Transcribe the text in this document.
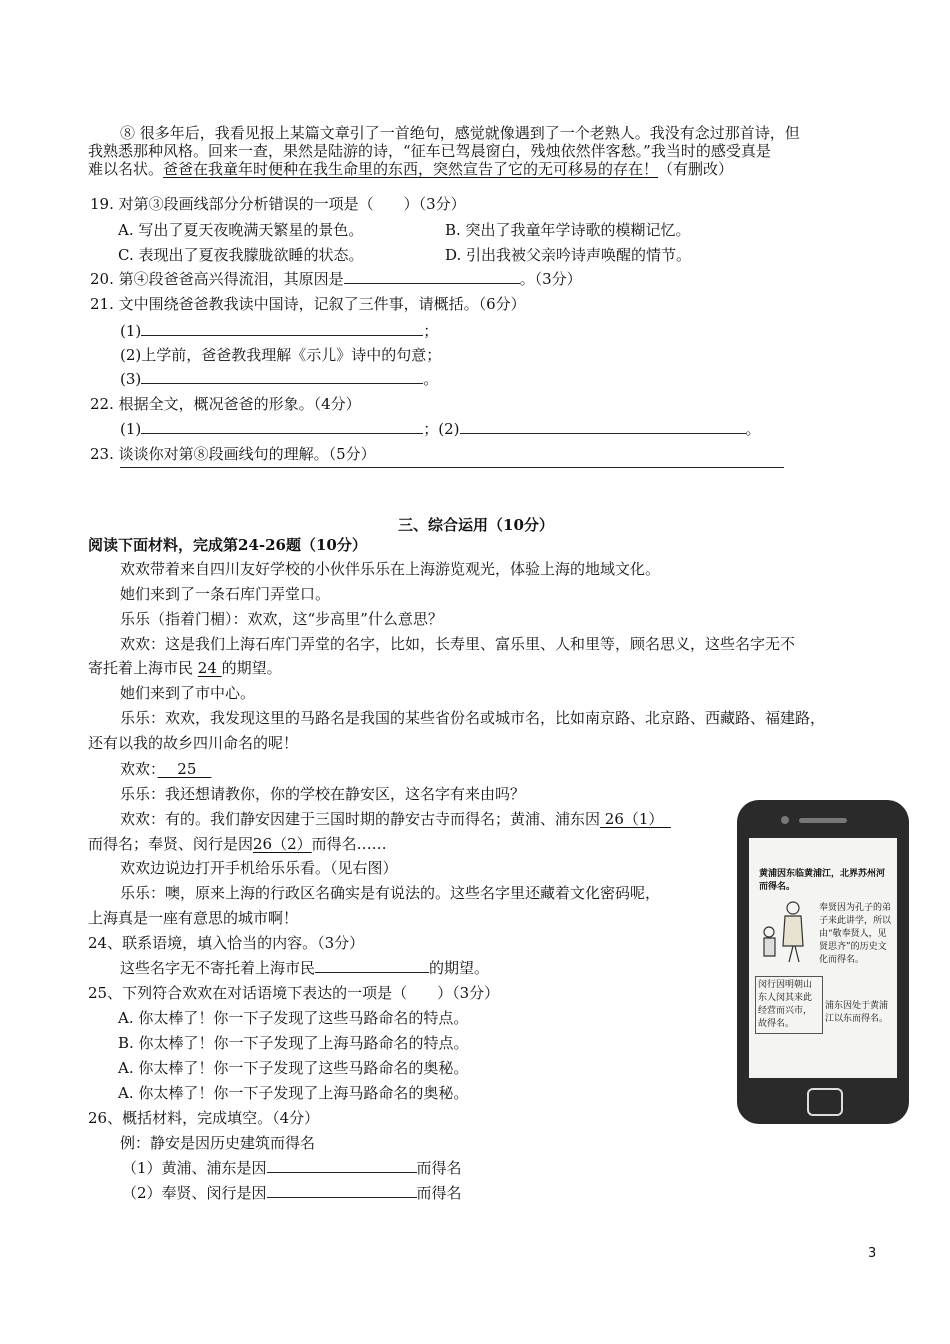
⑧ 很多年后，我看见报上某篇文章引了一首绝句，感觉就像遇到了一个老熟人。我没有念过那首诗，但
我熟悉那种风格。回来一查，果然是陆游的诗，“征车已驾晨窗白，残烛依然伴客愁。”我当时的感受真是
难以名状。爸爸在我童年时便种在我生命里的东西，突然宣告了它的无可移易的存在！（有删改）
19. 对第③段画线部分分析错误的一项是（　　）（3分）
A. 写出了夏天夜晚满天繁星的景色。	B. 突出了我童年学诗歌的模糊记忆。
C. 表现出了夏夜我朦胧欲睡的状态。	D. 引出我被父亲吟诗声唤醒的情节。
20. 第④段爸爸高兴得流泪，其原因是	。（3分）
21. 文中围绕爸爸教我读中国诗，记叙了三件事，请概括。（6分）
(1)	；
(2)上学前，爸爸教我理解《示儿》诗中的句意；
(3)	。
22. 根据全文，概况爸爸的形象。（4分）
(1)	；(2)	。
23. 谈谈你对第⑧段画线句的理解。（5分）
三、综合运用（10分）
阅读下面材料，完成第24-26题（10分）
欢欢带着来自四川友好学校的小伙伴乐乐在上海游览观光，体验上海的地域文化。
她们来到了一条石库门弄堂口。
乐乐（指着门楣）：欢欢，这“步高里”什么意思？
欢欢：这是我们上海石库门弄堂的名字，比如，长寿里、富乐里、人和里等，顾名思义，这些名字无不
寄托着上海市民 24 的期望。
她们来到了市中心。
乐乐：欢欢，我发现这里的马路名是我国的某些省份名或城市名，比如南京路、北京路、西藏路、福建路，
还有以我的故乡四川命名的呢！
欢欢：　 25　
乐乐：我还想请教你，你的学校在静安区，这名字有来由吗？
欢欢：有的。我们静安因建于三国时期的静安古寺而得名；黄浦、浦东因 26（1）　
而得名；奉贤、闵行是因26（2）而得名……
欢欢边说边打开手机给乐乐看。（见右图）
乐乐：噢，原来上海的行政区名确实是有说法的。这些名字里还藏着文化密码呢，
上海真是一座有意思的城市啊！
24、联系语境，填入恰当的内容。（3分）
这些名字无不寄托着上海市民	的期望。
25、下列符合欢欢在对话语境下表达的一项是（　　）（3分）
A. 你太棒了！你一下子发现了这些马路命名的特点。
B. 你太棒了！你一下子发现了上海马路命名的特点。
A. 你太棒了！你一下子发现了这些马路命名的奥秘。
A. 你太棒了！你一下子发现了上海马路命名的奥秘。
26、概括材料，完成填空。（4分）
例：静安是因历史建筑而得名
（1）黄浦、浦东是因	而得名
（2）奉贤、闵行是因	而得名
黄浦因东临黄浦江，北界苏州河而得名。
奉贤因为孔子的弟子来此讲学，所以由“敬奉贤人，见贤思齐”的历史文化而得名。
闵行因明朝山东人闵其来此经营而兴市，故得名。
浦东因处于黄浦江以东而得名。
3
